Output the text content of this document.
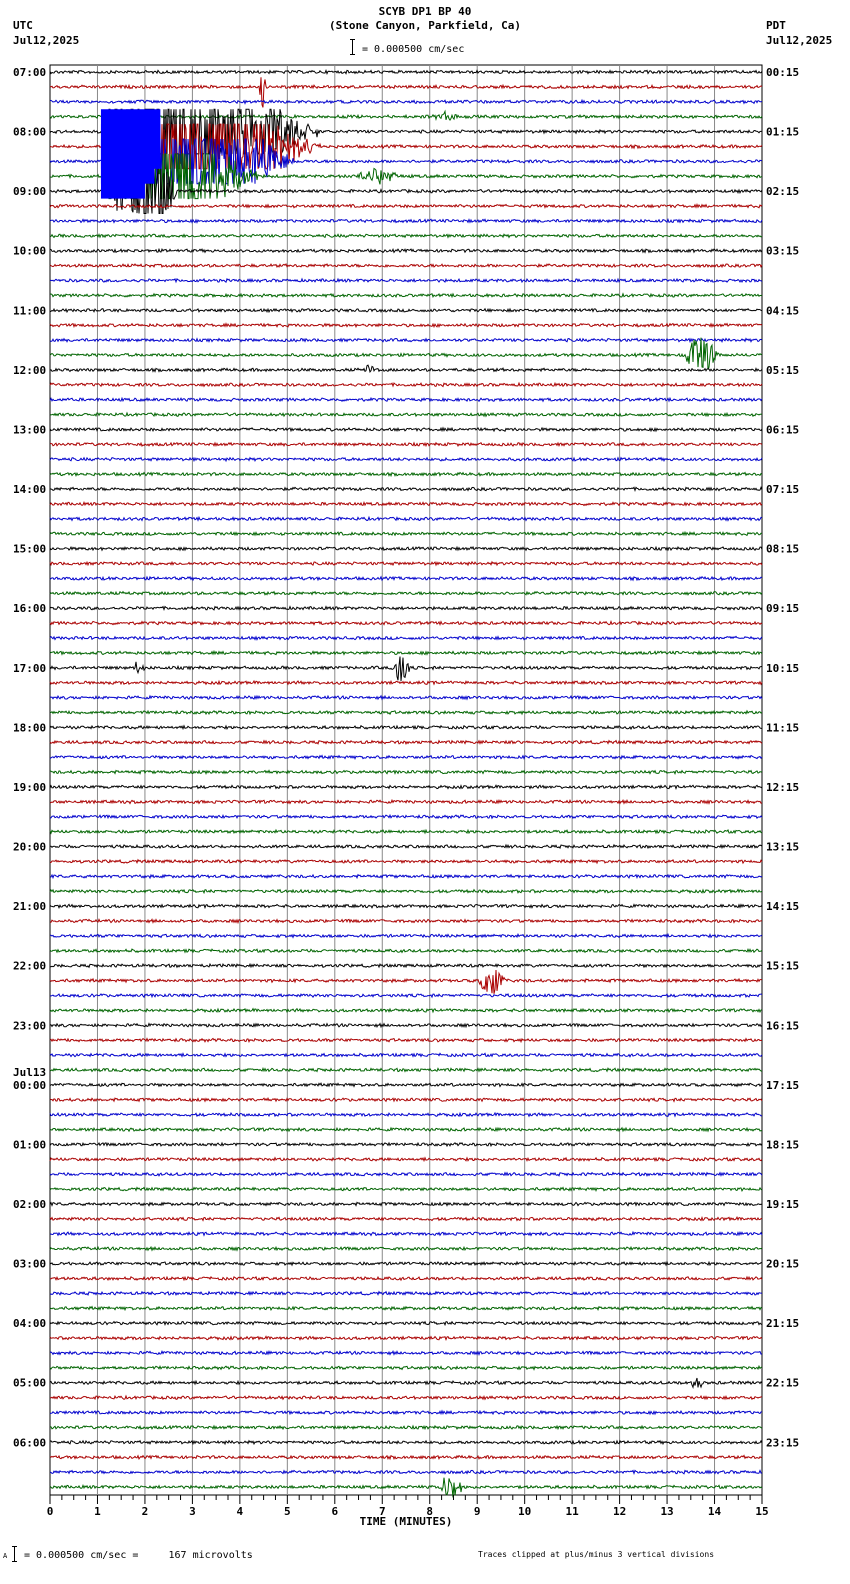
SCYB DP1 BP 40
(Stone Canyon, Parkfield, Ca)
UTC
Jul12,2025
PDT
Jul12,2025
= 0.000500 cm/sec
0	1	2	3	4	5	6	7	8	9	10	11	12	13	14	15
TIME (MINUTES)
07:00
08:00
09:00
10:00
11:00
12:00
13:00
14:00
15:00
16:00
17:00
18:00
19:00
20:00
21:00
22:00
23:00
00:00
Jul13
01:00
02:00
03:00
04:00
05:00
06:00
00:15
01:15
02:15
03:15
04:15
05:15
06:15
07:15
08:15
09:15
10:15
11:15
12:15
13:15
14:15
15:15
16:15
17:15
18:15
19:15
20:15
21:15
22:15
23:15
A = 0.000500 cm/sec =     167 microvolts	Traces clipped at plus/minus 3 vertical divisions
